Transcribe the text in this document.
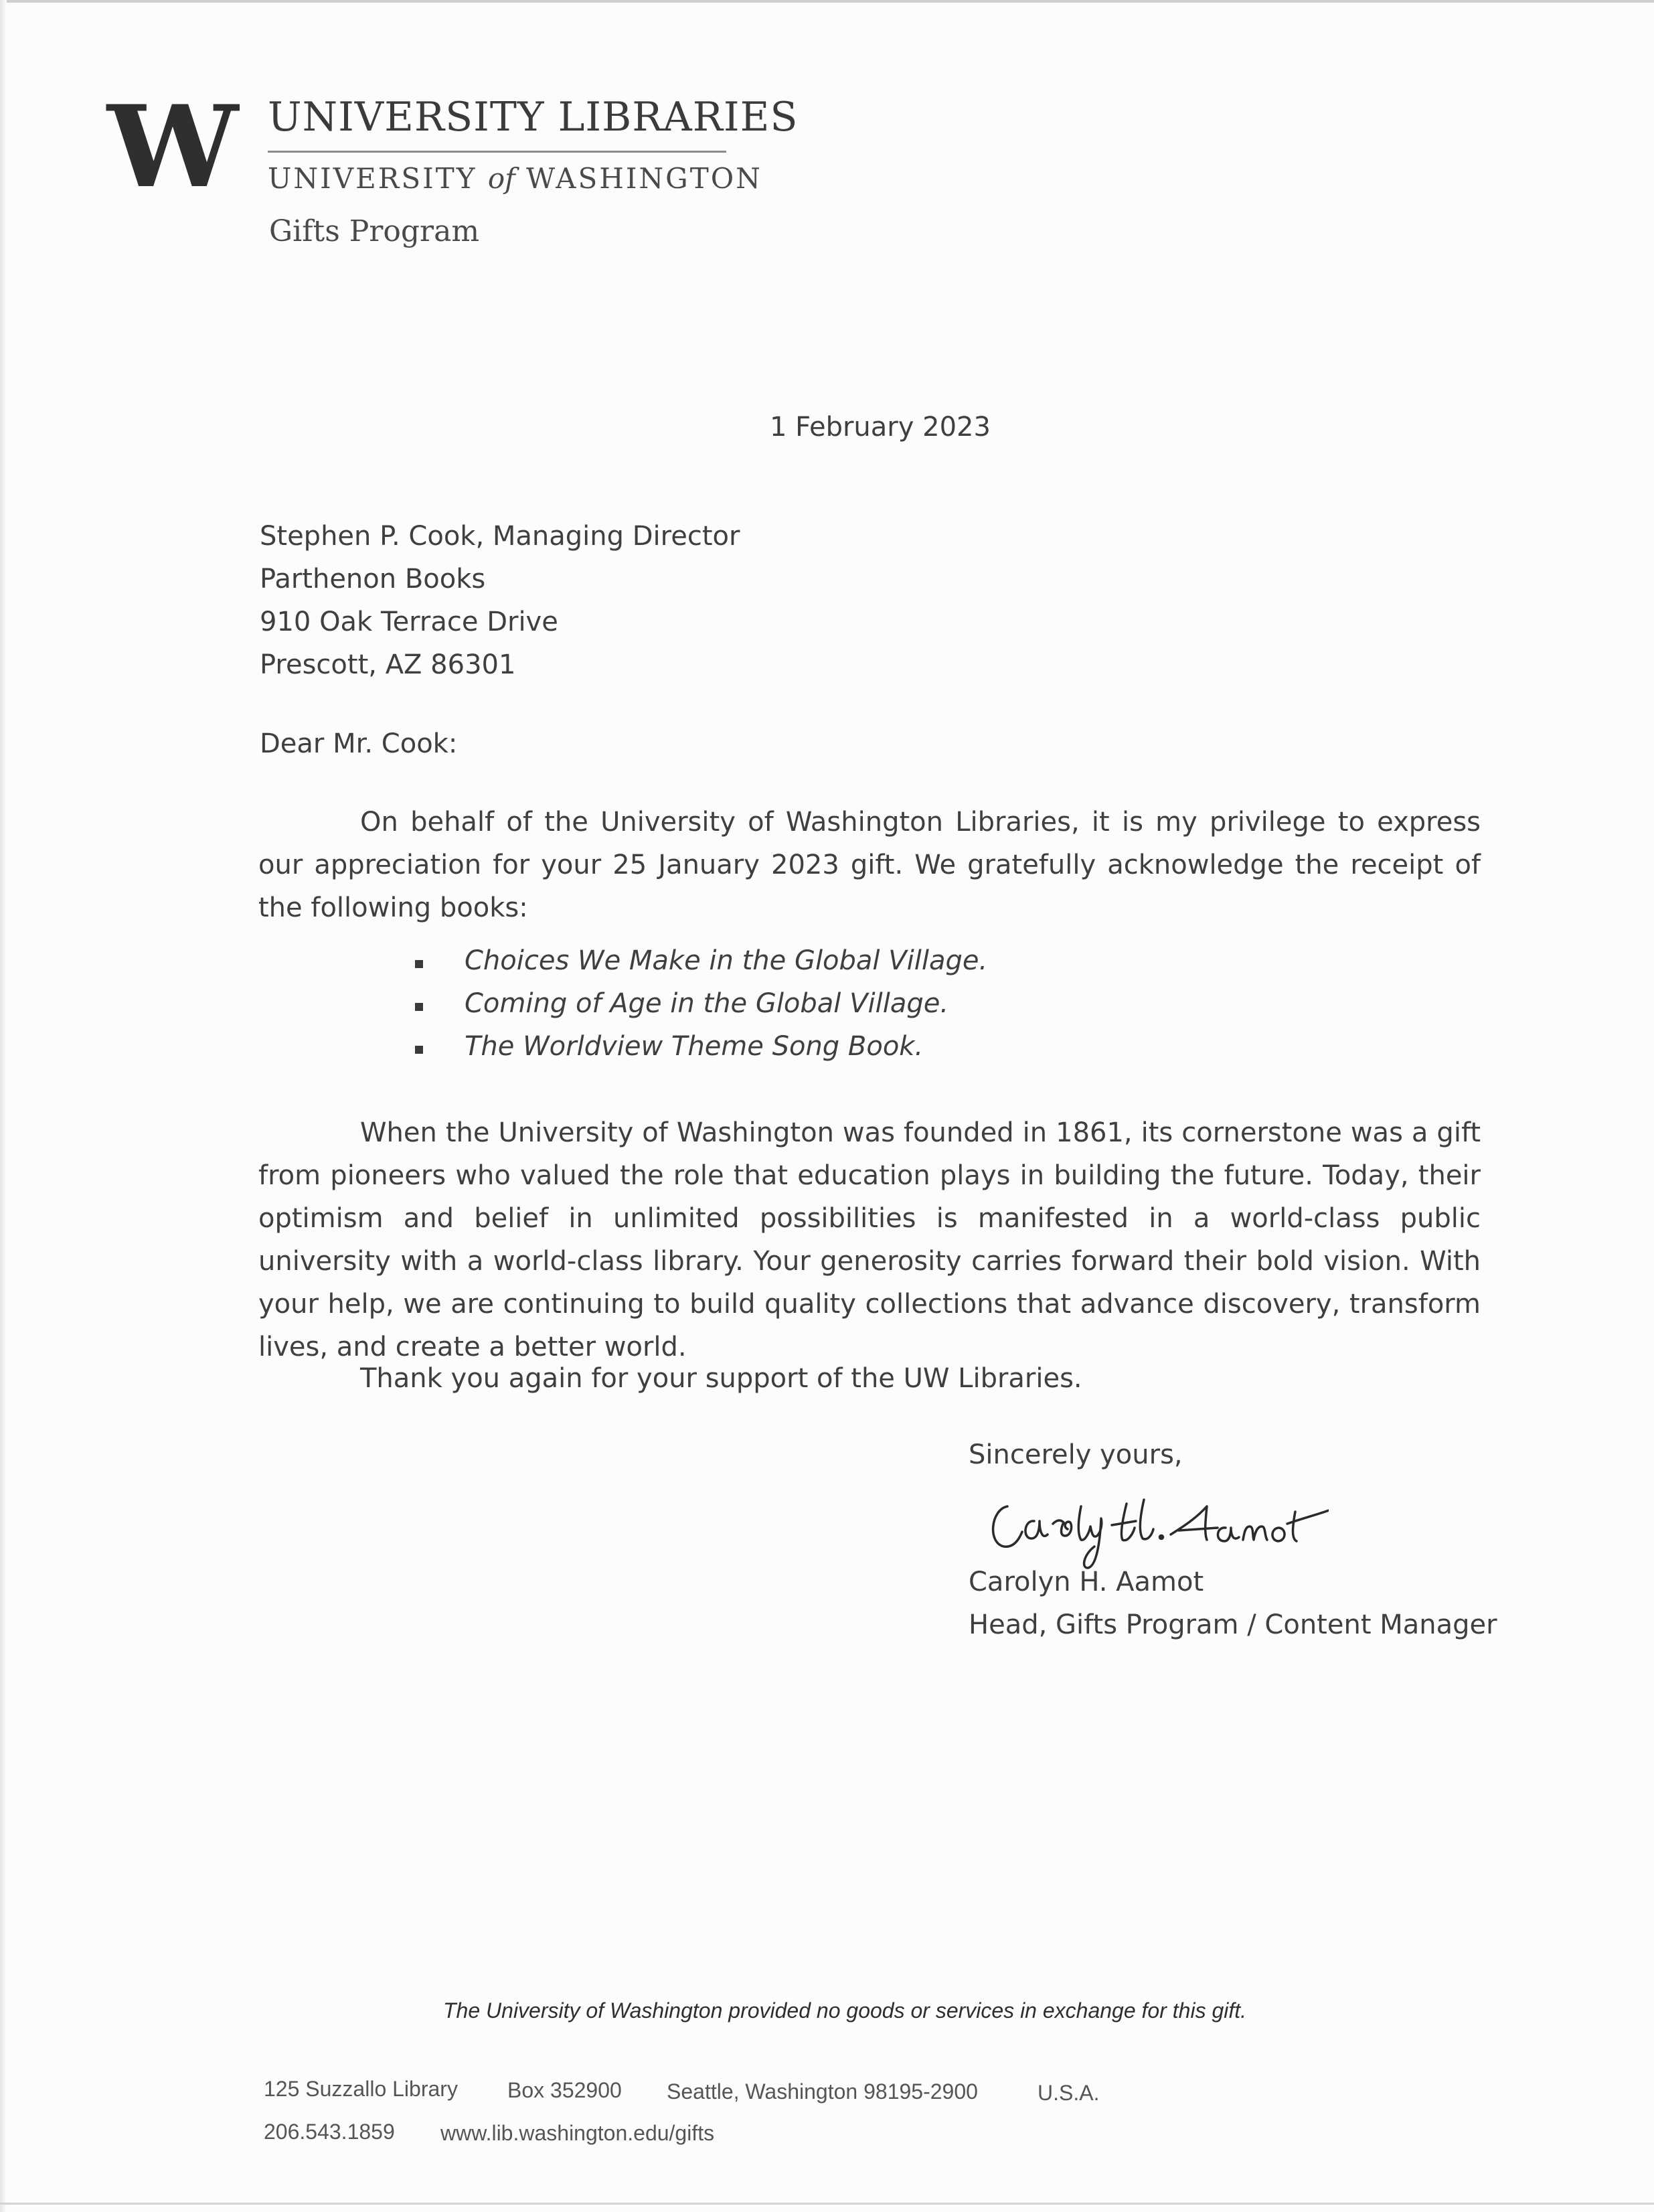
W UNIVERSITY LIBRARIES
UNIVERSITY of WASHINGTON
Gifts Program
1 February 2023
Stephen P. Cook, Managing Director
Parthenon Books
910 Oak Terrace Drive
Prescott, AZ 86301
Dear Mr. Cook:
On behalf of the University of Washington Libraries, it is my privilege to express our appreciation for your 25 January 2023 gift. We gratefully acknowledge the receipt of the following books:
Choices We Make in the Global Village.
Coming of Age in the Global Village.
The Worldview Theme Song Book.
When the University of Washington was founded in 1861, its cornerstone was a gift from pioneers who valued the role that education plays in building the future. Today, their optimism and belief in unlimited possibilities is manifested in a world-class public university with a world-class library. Your generosity carries forward their bold vision. With your help, we are continuing to build quality collections that advance discovery, transform lives, and create a better world.
Thank you again for your support of the UW Libraries.
Sincerely yours,
Carolyn H. Aamot
Head, Gifts Program / Content Manager
The University of Washington provided no goods or services in exchange for this gift.
125 Suzzallo Library Box 352900 Seattle, Washington 98195-2900	U.S.A.
206.543.1859 www.lib.washington.edu/gifts
